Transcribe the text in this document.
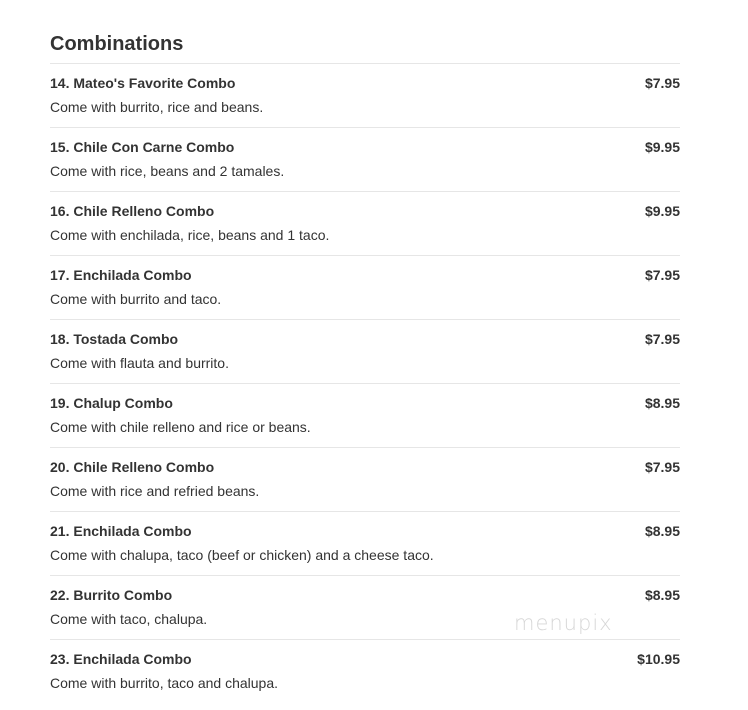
Combinations
14. Mateo's Favorite Combo	$7.95
Come with burrito, rice and beans.
15. Chile Con Carne Combo	$9.95
Come with rice, beans and 2 tamales.
16. Chile Relleno Combo	$9.95
Come with enchilada, rice, beans and 1 taco.
17. Enchilada Combo	$7.95
Come with burrito and taco.
18. Tostada Combo	$7.95
Come with flauta and burrito.
19. Chalup Combo	$8.95
Come with chile relleno and rice or beans.
20. Chile Relleno Combo	$7.95
Come with rice and refried beans.
21. Enchilada Combo	$8.95
Come with chalupa, taco (beef or chicken) and a cheese taco.
22. Burrito Combo	$8.95
Come with taco, chalupa.
23. Enchilada Combo	$10.95
Come with burrito, taco and chalupa.
menupix
